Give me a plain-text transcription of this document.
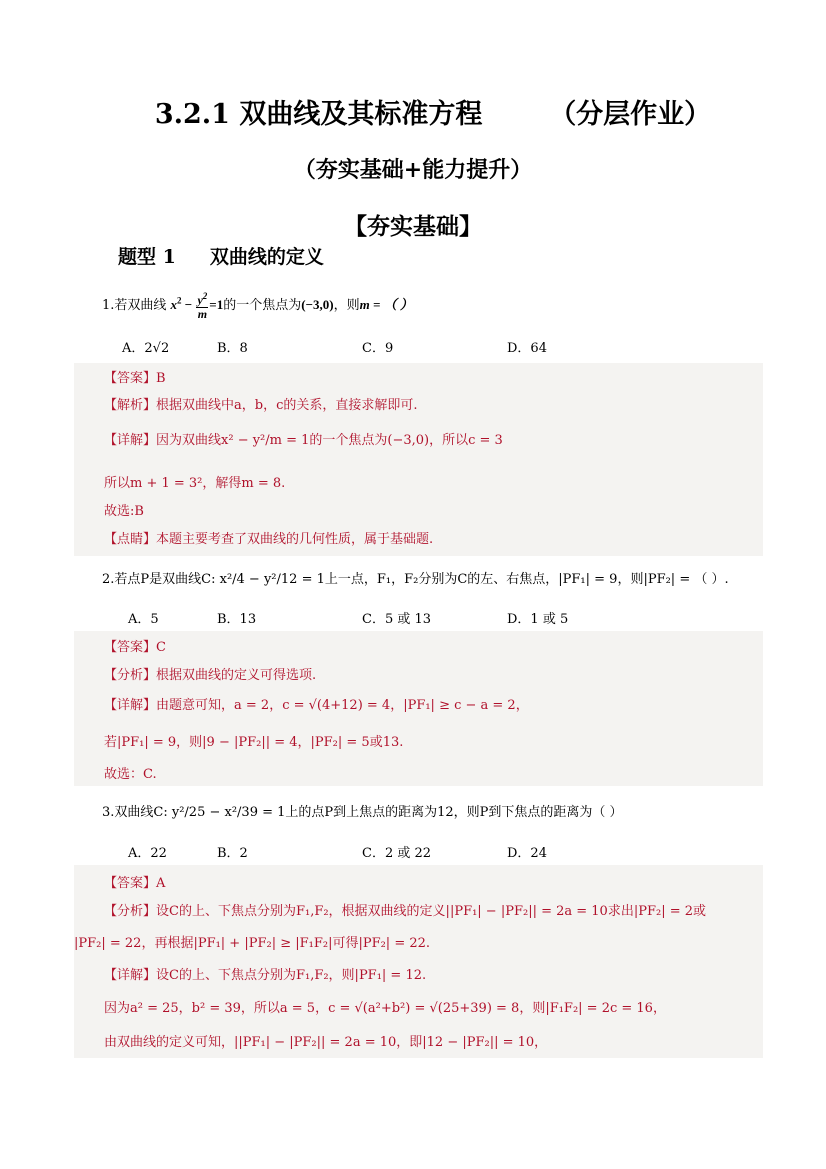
3.2.1 双曲线及其标准方程 （分层作业）
（夯实基础+能力提升）
【夯实基础】
题型 1 双曲线的定义
1.若双曲线 $x^2 - \frac{y^2}{m} =1$的一个焦点为(−3,0)，则m = （ ）
A．2√2	B．8	C．9	D．64
【答案】B
【解析】根据双曲线中a，b，c的关系，直接求解即可.
【详解】因为双曲线x² − y²/m = 1的一个焦点为(−3,0)，所以c = 3
所以m + 1 = 3²，解得m = 8.
故选:B
【点睛】本题主要考查了双曲线的几何性质，属于基础题.
2.若点P是双曲线C: x²/4 − y²/12 = 1上一点，F₁，F₂分别为C的左、右焦点，|PF₁| = 9，则|PF₂| = （ ）.
A．5	B．13	C．5 或 13	D．1 或 5
【答案】C
【分析】根据双曲线的定义可得选项.
【详解】由题意可知，a = 2，c = √(4+12) = 4，|PF₁| ≥ c − a = 2，
若|PF₁| = 9，则|9 − |PF₂|| = 4，|PF₂| = 5或13.
故选：C.
3.双曲线C: y²/25 − x²/39 = 1上的点P到上焦点的距离为12，则P到下焦点的距离为（ ）
A．22	B．2	C．2 或 22	D．24
【答案】A
【分析】设C的上、下焦点分别为F₁,F₂，根据双曲线的定义||PF₁| − |PF₂|| = 2a = 10求出|PF₂| = 2或
|PF₂| = 22，再根据|PF₁| + |PF₂| ≥ |F₁F₂|可得|PF₂| = 22.
【详解】设C的上、下焦点分别为F₁,F₂，则|PF₁| = 12.
因为a² = 25，b² = 39，所以a = 5，c = √(a²+b²) = √(25+39) = 8，则|F₁F₂| = 2c = 16，
由双曲线的定义可知，||PF₁| − |PF₂|| = 2a = 10，即|12 − |PF₂|| = 10，
